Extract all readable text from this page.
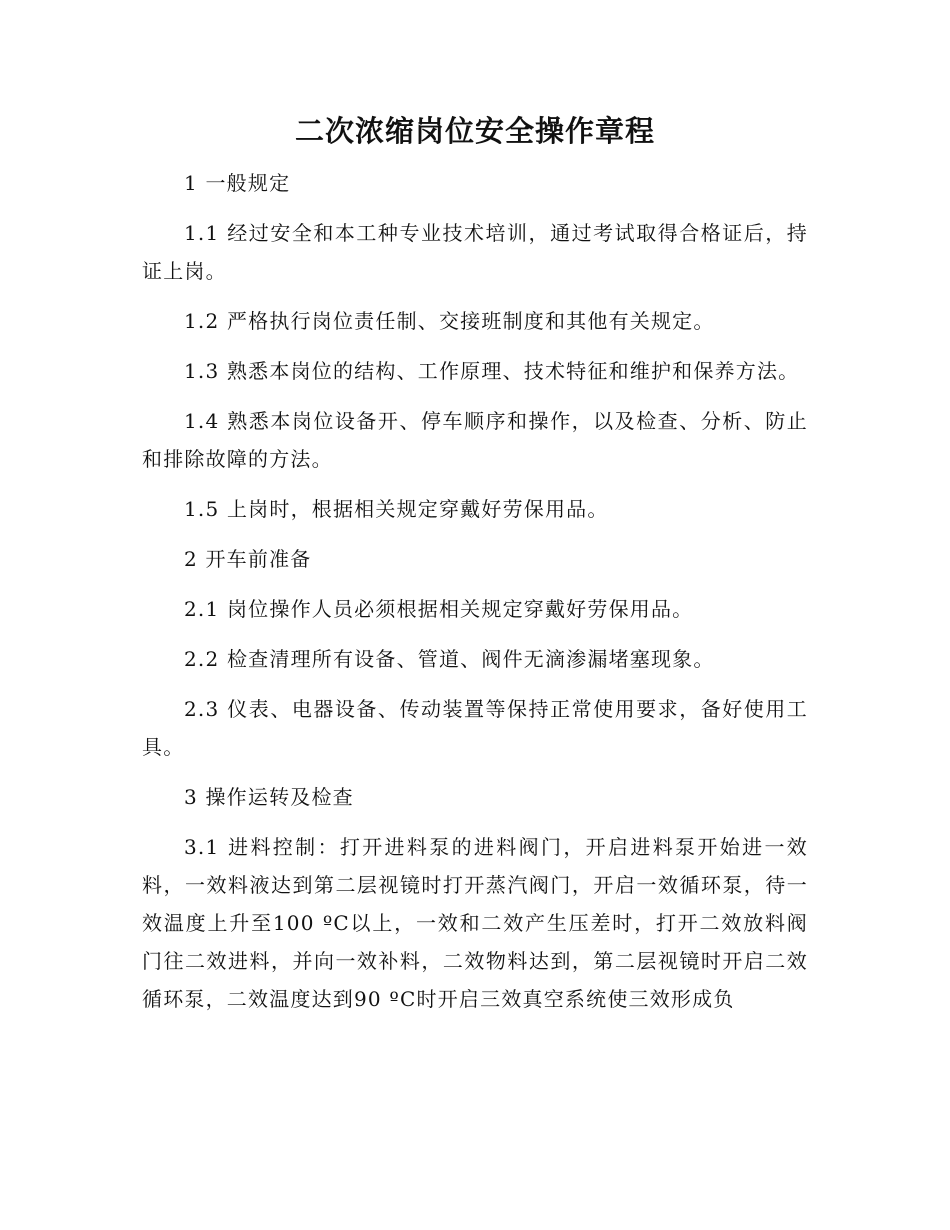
二次浓缩岗位安全操作章程

1 一般规定

1.1 经过安全和本工种专业技术培训，通过考试取得合格证后，持证上岗。

1.2 严格执行岗位责任制、交接班制度和其他有关规定。

1.3 熟悉本岗位的结构、工作原理、技术特征和维护和保养方法。

1.4 熟悉本岗位设备开、停车顺序和操作，以及检查、分析、防止和排除故障的方法。

1.5 上岗时，根据相关规定穿戴好劳保用品。

2 开车前准备

2.1 岗位操作人员必须根据相关规定穿戴好劳保用品。

2.2 检查清理所有设备、管道、阀件无滴渗漏堵塞现象。

2.3 仪表、电器设备、传动装置等保持正常使用要求，备好使用工具。

3 操作运转及检查

3.1 进料控制：打开进料泵的进料阀门，开启进料泵开始进一效料，一效料液达到第二层视镜时打开蒸汽阀门，开启一效循环泵，待一效温度上升至100 ºC以上，一效和二效产生压差时，打开二效放料阀门往二效进料，并向一效补料，二效物料达到，第二层视镜时开启二效循环泵，二效温度达到90 ºC时开启三效真空系统使三效形成负
